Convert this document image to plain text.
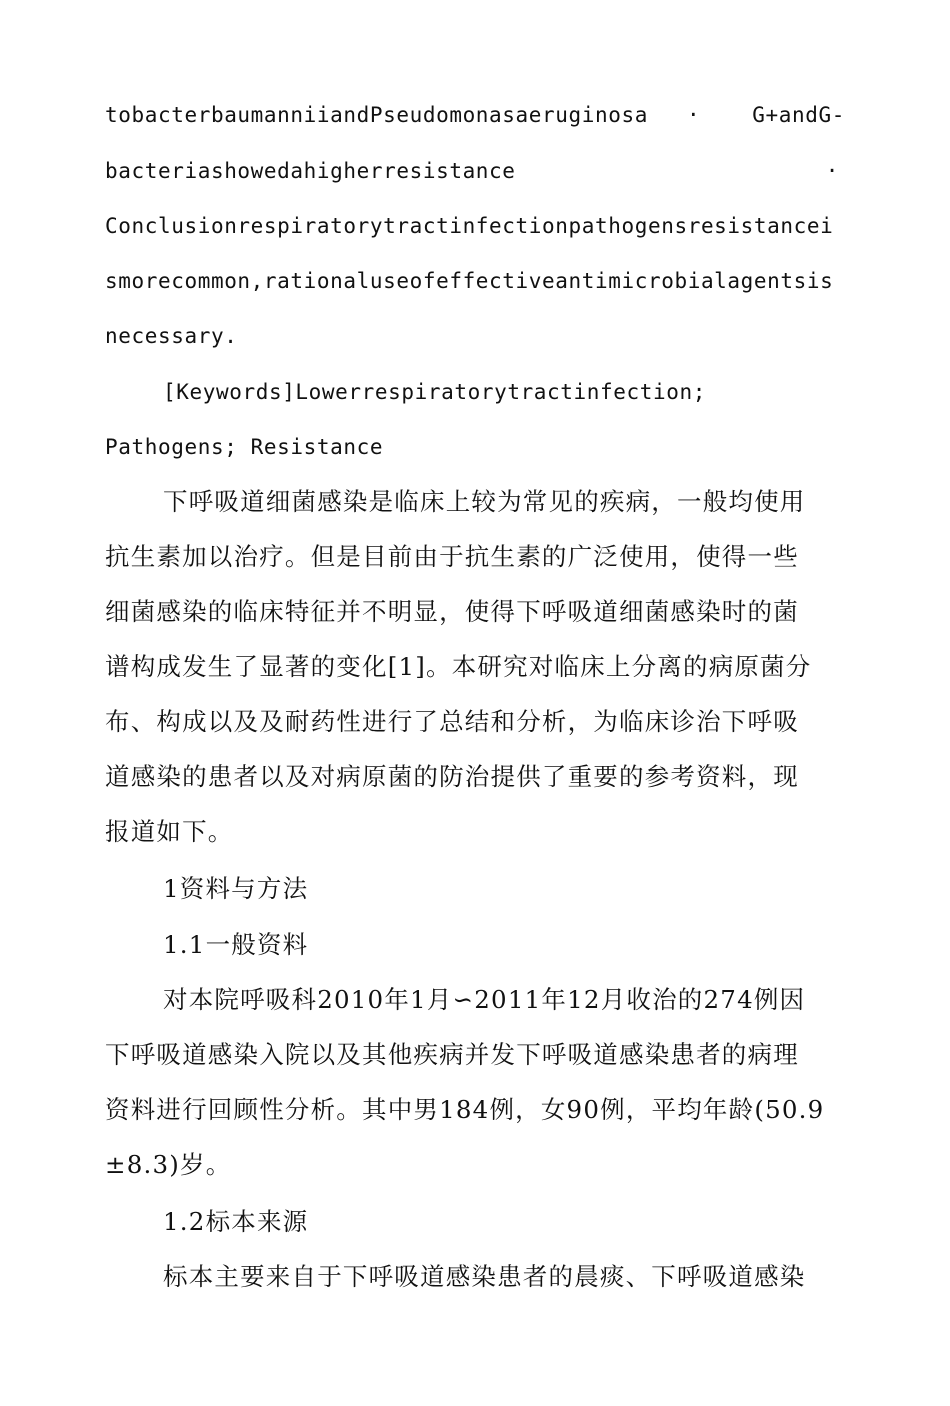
tobacterbaumanniiandPseudomonasaeruginosa · G+andG-
bacteriashowedahigherresistance	·
Conclusionrespiratorytractinfectionpathogensresistancei
smorecommon,rationaluseofeffectiveantimicrobialagentsis
necessary.
[Keywords]Lowerrespiratorytractinfection;
Pathogens; Resistance
下呼吸道细菌感染是临床上较为常见的疾病，一般均使用
抗生素加以治疗。但是目前由于抗生素的广泛使用，使得一些
细菌感染的临床特征并不明显，使得下呼吸道细菌感染时的菌
谱构成发生了显著的变化[1]。本研究对临床上分离的病原菌分
布、构成以及及耐药性进行了总结和分析，为临床诊治下呼吸
道感染的患者以及对病原菌的防治提供了重要的参考资料，现
报道如下。
1资料与方法
1.1一般资料
对本院呼吸科2010年1月∽2011年12月收治的274例因
下呼吸道感染入院以及其他疾病并发下呼吸道感染患者的病理
资料进行回顾性分析。其中男184例，女90例，平均年龄(50.9
±8.3)岁。
1.2标本来源
标本主要来自于下呼吸道感染患者的晨痰、下呼吸道感染
